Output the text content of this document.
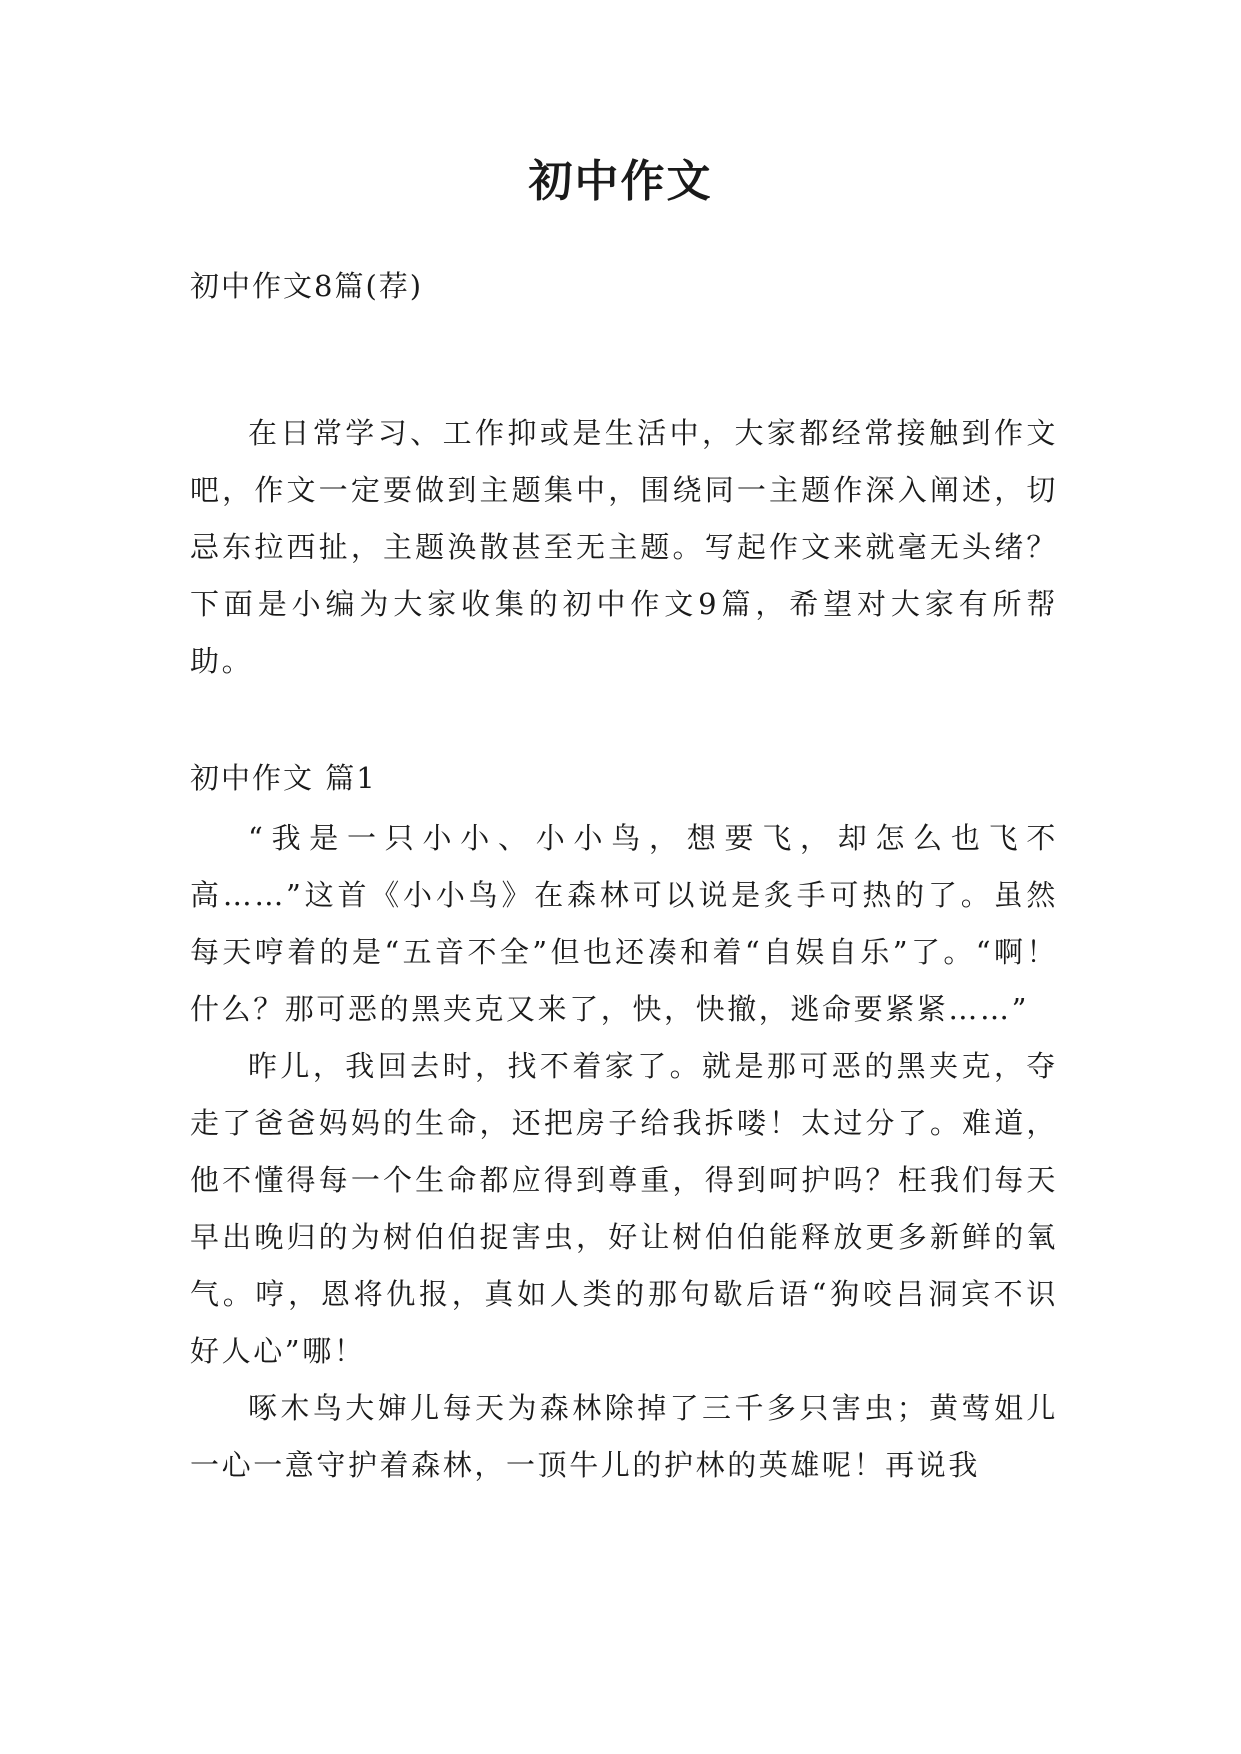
初中作文
初中作文8篇(荐)

在日常学习、工作抑或是生活中，大家都经常接触到作文吧，作文一定要做到主题集中，围绕同一主题作深入阐述，切忌东拉西扯，主题涣散甚至无主题。写起作文来就毫无头绪？下面是小编为大家收集的初中作文9篇，希望对大家有所帮助。

初中作文 篇1

“我是一只小小、小小鸟，想要飞，却怎么也飞不高……”这首《小小鸟》在森林可以说是炙手可热的了。虽然每天哼着的是“五音不全”但也还凑和着“自娱自乐”了。“啊！什么？那可恶的黑夹克又来了，快，快撤，逃命要紧紧……”

昨儿，我回去时，找不着家了。就是那可恶的黑夹克，夺走了爸爸妈妈的生命，还把房子给我拆喽！太过分了。难道，他不懂得每一个生命都应得到尊重，得到呵护吗？枉我们每天早出晚归的为树伯伯捉害虫，好让树伯伯能释放更多新鲜的氧气。哼，恩将仇报，真如人类的那句歇后语“狗咬吕洞宾不识好人心”哪！

啄木鸟大婶儿每天为森林除掉了三千多只害虫；黄莺姐儿一心一意守护着森林，一顶牛儿的护林的英雄呢！再说我
